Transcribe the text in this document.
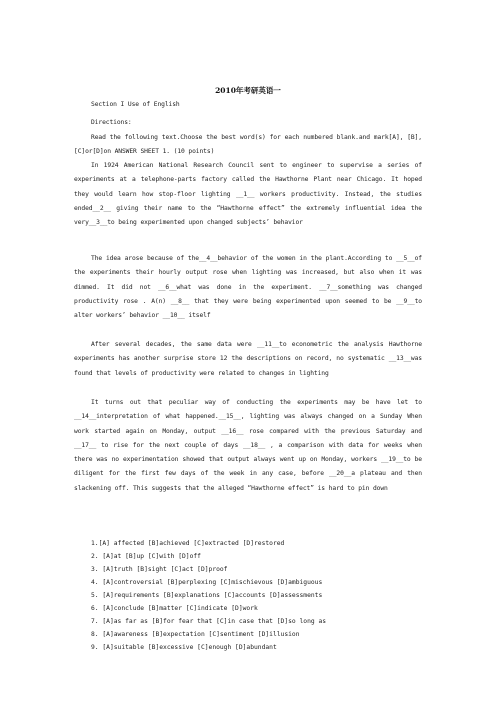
2010年考研英语一
Section I Use of English
Directions:
Read the following text.Choose the best word(s) for each numbered blank.and mark[A], [B], [C]or[D]on ANSWER SHEET 1. (10 points)
In 1924 American National Research Council sent to engineer to supervise a series of experiments at a telephone-parts factory called the Hawthorne Plant near Chicago. It hoped they would learn how stop-floor lighting __1__ workers productivity. Instead, the studies ended__2__ giving their name to the “Hawthorne effect” the extremely influential idea the very__3__to being experimented upon changed subjects’ behavior
The idea arose because of the__4__behavior of the women in the plant.According to __5__of the experiments their hourly output rose when lighting was increased, but also when it was dimmed. It did not __6__what was done in the experiment. __7__something was changed productivity rose . A(n) __8__ that they were being experimented upon seemed to be __9__to alter workers’ behavior __10__ itself
After several decades, the same data were __11__to econometric the analysis Hawthorne experiments has another surprise store 12 the descriptions on record, no systematic __13__was found that levels of productivity were related to changes in lighting
It turns out that peculiar way of conducting the experiments may be have let to __14__interpretation of what happened.__15__, lighting was always changed on a Sunday When work started again on Monday, output __16__ rose compared with the previous Saturday and __17__ to rise for the next couple of days __18__ , a comparison with data for weeks when there was no experimentation showed that output always went up on Monday, workers __19__to be diligent for the first few days of the week in any case, before __20__a plateau and then slackening off. This suggests that the alleged “Hawthorne effect” is hard to pin down
1.[A] affected [B]achieved [C]extracted [D]restored
2. [A]at [B]up [C]with [D]off
3. [A]truth [B]sight [C]act [D]proof
4. [A]controversial [B]perplexing [C]mischievous [D]ambiguous
5. [A]requirements [B]explanations [C]accounts [D]assessments
6. [A]conclude [B]matter [C]indicate [D]work
7. [A]as far as [B]for fear that [C]in case that [D]so long as
8. [A]awareness [B]expectation [C]sentiment [D]illusion
9. [A]suitable [B]excessive [C]enough [D]abundant
